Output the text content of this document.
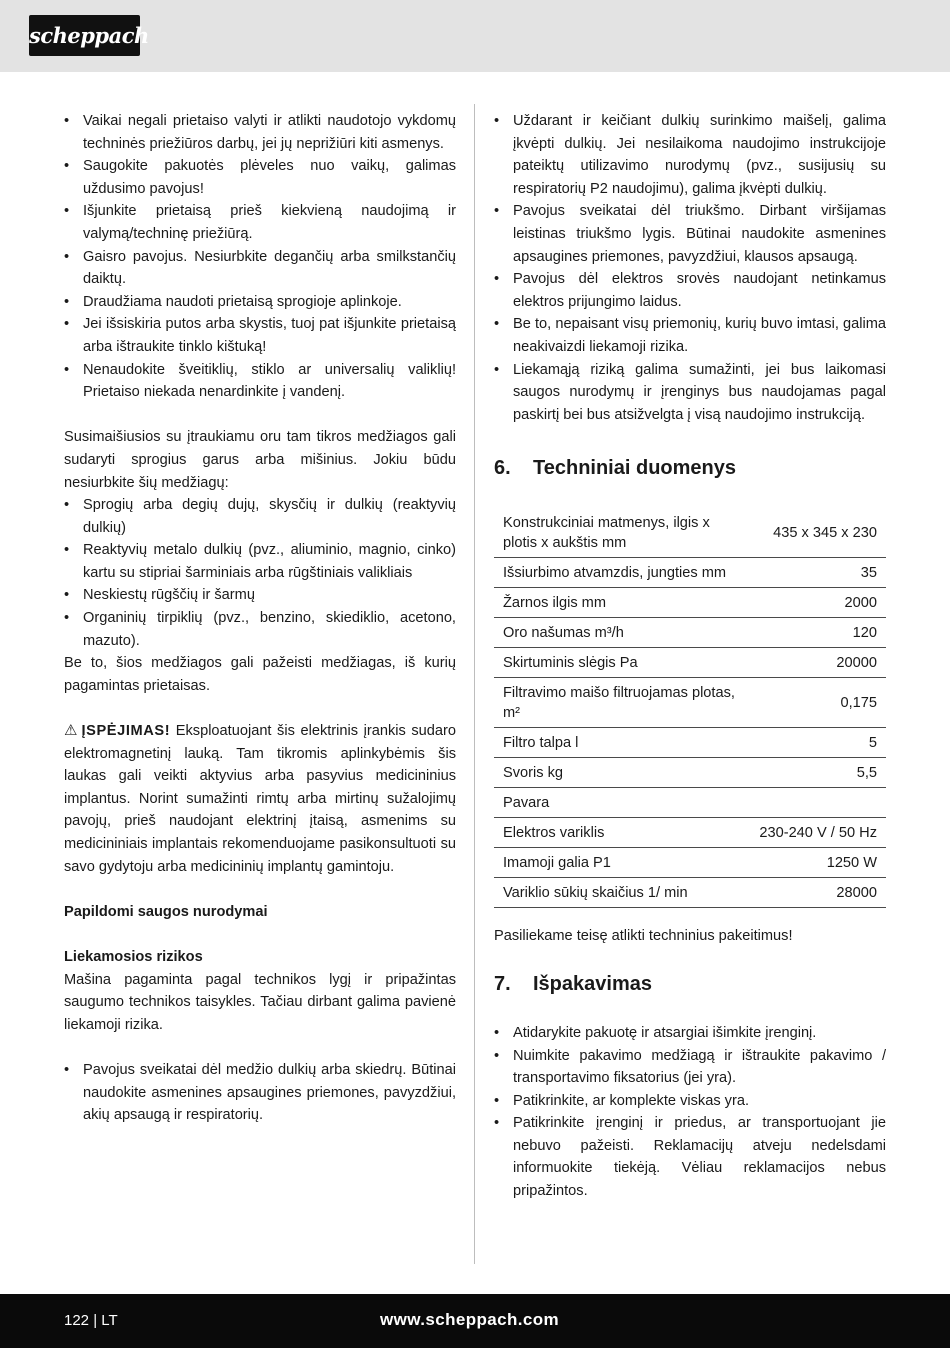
scheppach
• Vaikai negali prietaiso valyti ir atlikti naudotojo vykdomų techninės priežiūros darbų, jei jų neprižiūri kiti asmenys.
• Saugokite pakuotės plėveles nuo vaikų, galimas uždusimo pavojus!
• Išjunkite prietaisą prieš kiekvieną naudojimą ir valymą/techninę priežiūrą.
• Gaisro pavojus. Nesiurbkite degančių arba smilkstančių daiktų.
• Draudžiama naudoti prietaisą sprogioje aplinkoje.
• Jei išsiskiria putos arba skystis, tuoj pat išjunkite prietaisą arba ištraukite tinklo kištuką!
• Nenaudokite šveitiklių, stiklo ar universalių valiklių! Prietaiso niekada nenardinkite į vandenį.

Susimaišiusios su įtraukiamu oru tam tikros medžiagos gali sudaryti sprogius garus arba mišinius. Jokiu būdu nesiurbkite šių medžiagų:

• Sprogių arba degių dujų, skysčių ir dulkių (reaktyvių dulkių)
• Reaktyvių metalo dulkių (pvz., aliuminio, magnio, cinko) kartu su stipriai šarminiais arba rūgštiniais valikliais
• Neskiestų rūgščių ir šarmų
• Organinių tirpiklių (pvz., benzino, skiediklio, acetono, mazuto).

Be to, šios medžiagos gali pažeisti medžiagas, iš kurių pagamintas prietaisas.

⚠ ĮSPĖJIMAS! Eksploatuojant šis elektrinis įrankis sudaro elektromagnetinį lauką. Tam tikromis aplinkybėmis šis laukas gali veikti aktyvius arba pasyvius medicininius implantus. Norint sumažinti rimtų arba mirtinų sužalojimų pavojų, prieš naudojant elektrinį įtaisą, asmenims su medicininiais implantais rekomenduojame pasikonsultuoti su savo gydytoju arba medicininių implantų gamintoju.

Papildomi saugos nurodymai

Liekamosios rizikos

Mašina pagaminta pagal technikos lygį ir pripažintas saugumo technikos taisykles. Tačiau dirbant galima pavienė liekamoji rizika.

• Pavojus sveikatai dėl medžio dulkių arba skiedrų. Būtinai naudokite asmenines apsaugines priemones, pavyzdžiui, akių apsaugą ir respiratorių.
• Uždarant ir keičiant dulkių surinkimo maišelį, galima įkvėpti dulkių. Jei nesilaikoma naudojimo instrukcijoje pateiktų utilizavimo nurodymų (pvz., susijusių su respiratorių P2 naudojimu), galima įkvėpti dulkių.
• Pavojus sveikatai dėl triukšmo. Dirbant viršijamas leistinas triukšmo lygis. Būtinai naudokite asmenines apsaugines priemones, pavyzdžiui, klausos apsaugą.
• Pavojus dėl elektros srovės naudojant netinkamus elektros prijungimo laidus.
• Be to, nepaisant visų priemonių, kurių buvo imtasi, galima neakivaizdi liekamoji rizika.
• Liekamąją riziką galima sumažinti, jei bus laikomasi saugos nurodymų ir įrenginys bus naudojamas pagal paskirtį bei bus atsižvelgta į visą naudojimo instrukciją.
6. Techniniai duomenys
Konstrukciniai matmenys, ilgis x plotis x aukštis mm	435 x 345 x 230
Išsiurbimo atvamzdis, jungties mm	35
Žarnos ilgis mm	2000
Oro našumas m³/h	120
Skirtuminis slėgis Pa	20000
Filtravimo maišo filtruojamas plotas, m²	0,175
Filtro talpa l	5
Svoris kg	5,5
Pavara	
Elektros variklis	230-240 V / 50 Hz
Imamoji galia P1	1250 W
Variklio sūkių skaičius 1/ min	28000

Pasiliekame teisę atlikti techninius pakeitimus!

7. Išpakavimas
• Atidarykite pakuotę ir atsargiai išimkite įrenginį.
• Nuimkite pakavimo medžiagą ir ištraukite pakavimo / transportavimo fiksatorius (jei yra).
• Patikrinkite, ar komplekte viskas yra.
• Patikrinkite įrenginį ir priedus, ar transportuojant jie nebuvo pažeisti. Reklamacijų atveju nedelsdami informuokite tiekėją. Vėliau reklamacijos nebus pripažintos.
122 | LT	www.scheppach.com
